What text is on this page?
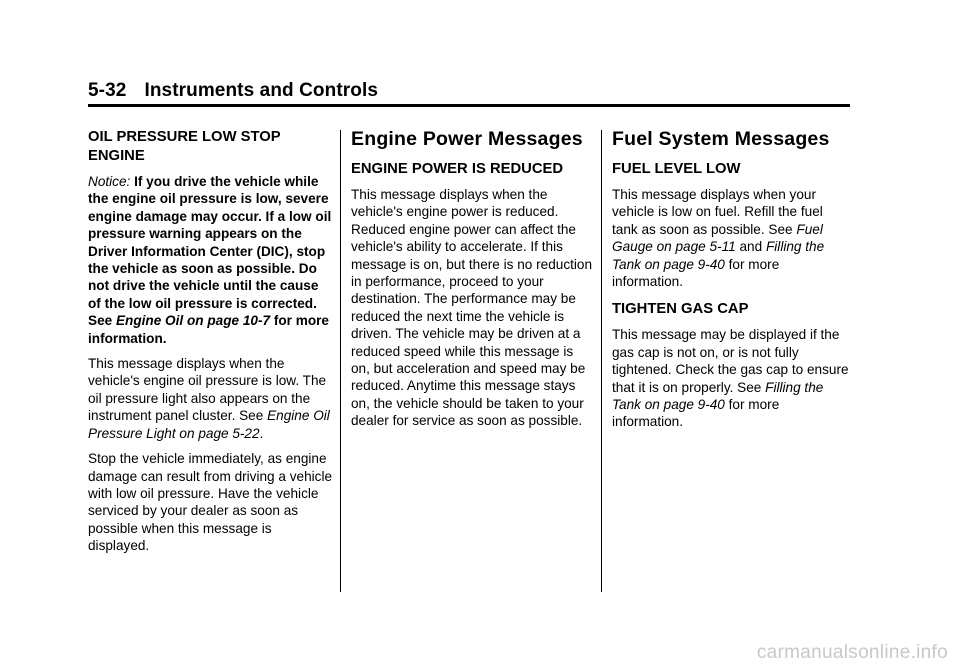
5-32 Instruments and Controls
OIL PRESSURE LOW STOP ENGINE

Notice: If you drive the vehicle while the engine oil pressure is low, severe engine damage may occur. If a low oil pressure warning appears on the Driver Information Center (DIC), stop the vehicle as soon as possible. Do not drive the vehicle until the cause of the low oil pressure is corrected. See Engine Oil on page 10-7 for more information.

This message displays when the vehicle's engine oil pressure is low. The oil pressure light also appears on the instrument panel cluster. See Engine Oil Pressure Light on page 5-22.

Stop the vehicle immediately, as engine damage can result from driving a vehicle with low oil pressure. Have the vehicle serviced by your dealer as soon as possible when this message is displayed.

Engine Power Messages
ENGINE POWER IS REDUCED

This message displays when the vehicle's engine power is reduced. Reduced engine power can affect the vehicle's ability to accelerate. If this message is on, but there is no reduction in performance, proceed to your destination. The performance may be reduced the next time the vehicle is driven. The vehicle may be driven at a reduced speed while this message is on, but acceleration and speed may be reduced. Anytime this message stays on, the vehicle should be taken to your dealer for service as soon as possible.

Fuel System Messages
FUEL LEVEL LOW

This message displays when your vehicle is low on fuel. Refill the fuel tank as soon as possible. See Fuel Gauge on page 5-11 and Filling the Tank on page 9-40 for more information.

TIGHTEN GAS CAP

This message may be displayed if the gas cap is not on, or is not fully tightened. Check the gas cap to ensure that it is on properly. See Filling the Tank on page 9-40 for more information.

carmanualsonline.info
